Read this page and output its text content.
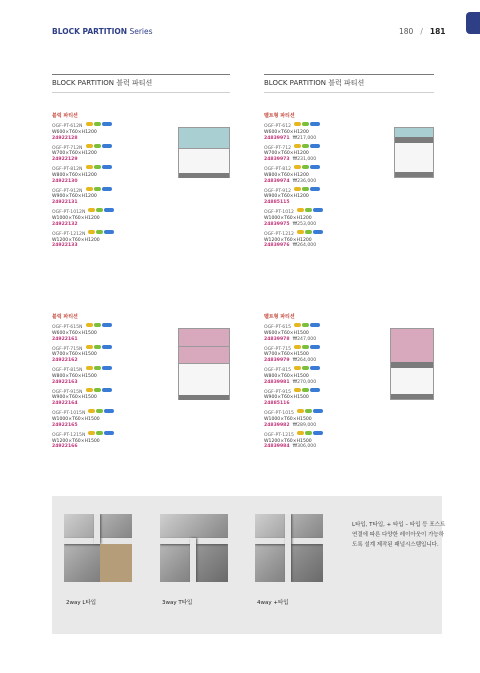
BLOCK PARTITION Series	180 / 181
BLOCK PARTITION 블럭 파티션	BLOCK PARTITION 블럭 파티션
블럭 파티션
OGF-PT-612N
W600×T60×H1200
24922128
OGF-PT-712N
W700×T60×H1200
24922129
OGF-PT-812N
W800×T60×H1200
24922130
OGF-PT-912N
W900×T60×H1200
24922131
OGF-PT-1012N
W1000×T60×H1200
24922132
OGF-PT-1212N
W1200×T60×H1200
24922133
벨트형 파티션
OGF-PT-612
W600×T60×H1200
24839971 ₩217,000
OGF-PT-712
W700×T60×H1200
24839973 ₩231,000
OGF-PT-812
W800×T60×H1200
24839974 ₩236,000
OGF-PT-912
W900×T60×H1200
24885115
OGF-PT-1012
W1000×T60×H1200
24839975 ₩253,000
OGF-PT-1212
W1200×T60×H1200
24839976 ₩264,000
블럭 파티션
OGF-PT-615N
W600×T60×H1500
24922161
OGF-PT-715N
W700×T60×H1500
24922162
OGF-PT-815N
W800×T60×H1500
24922163
OGF-PT-915N
W900×T60×H1500
24922164
OGF-PT-1015N
W1000×T60×H1500
24922165
OGF-PT-1215N
W1200×T60×H1500
24922166
벨트형 파티션
OGF-PT-615
W600×T60×H1500
24839978 ₩247,000
OGF-PT-715
W700×T60×H1500
24839979 ₩264,000
OGF-PT-815
W800×T60×H1500
24839981 ₩270,000
OGF-PT-915
W900×T60×H1500
24885116
OGF-PT-1015
W1000×T60×H1500
24839982 ₩289,000
OGF-PT-1215
W1200×T60×H1500
24839984 ₩306,000
2way L타입	3way T타입	4way +타입
L타입, T타입, + 타입 – 타입 등 포스트 연결에 따른 다양한 레이아웃이 가능하도록 설계 제작된 패널시스템입니다.
